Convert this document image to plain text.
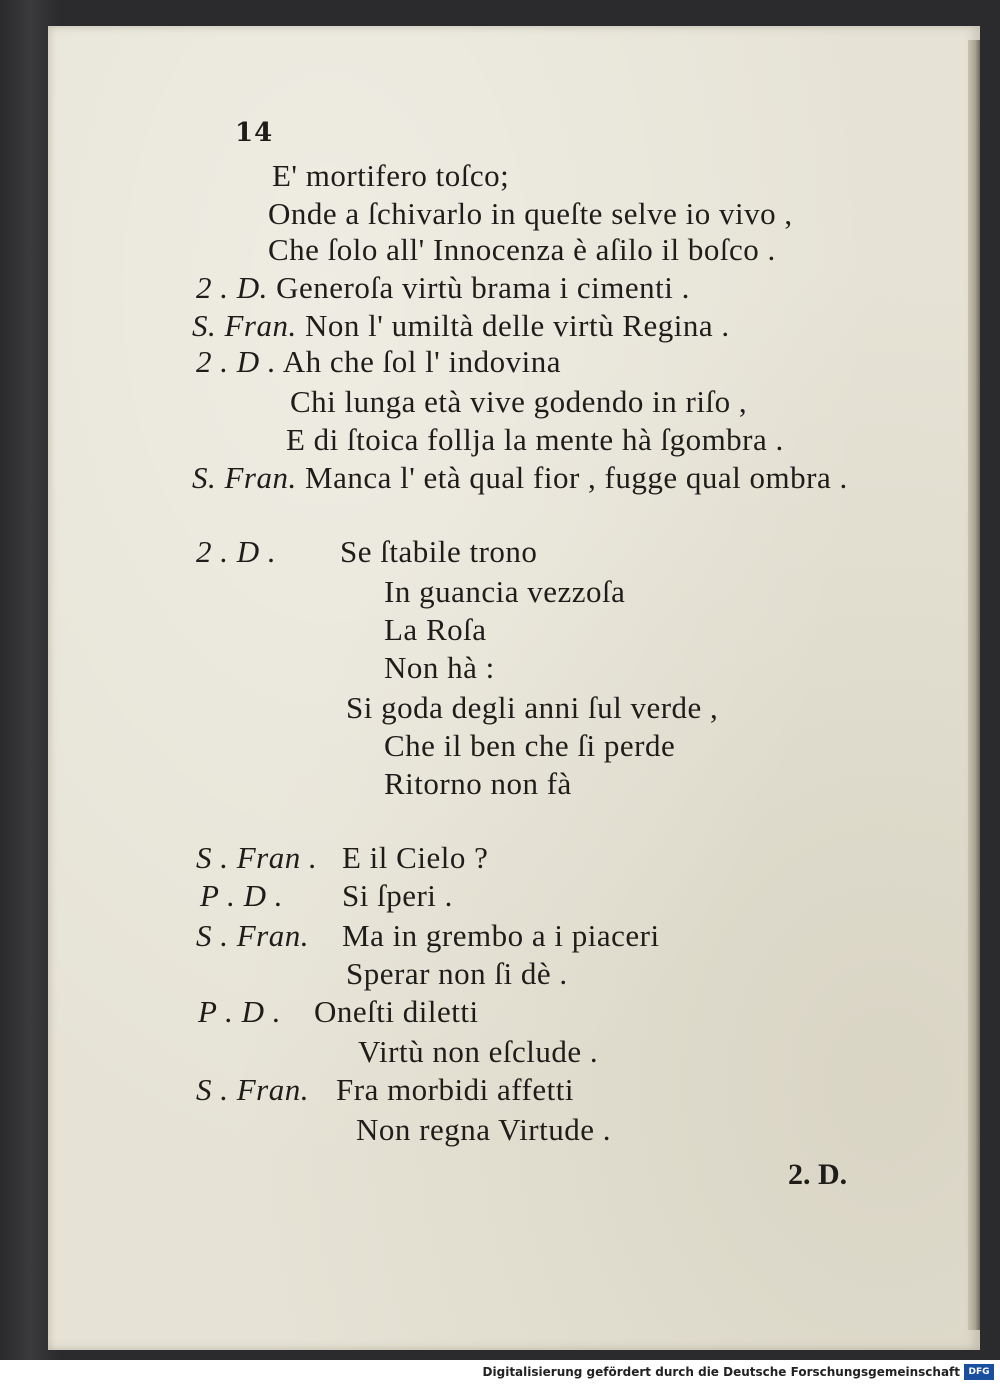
14
E' mortifero toſco;
Onde a ſchivarlo in queſte selve io vivo ,
Che ſolo all' Innocenza è aſilo il boſco .
2 . D. Generoſa virtù brama i cimenti .
S. Fran. Non l' umiltà delle virtù Regina .
2 . D . Ah che ſol l' indovina
Chi lunga età vive godendo in riſo ,
E di ſtoica follja la mente hà ſgombra .
S. Fran. Manca l' età qual fior , fugge qual ombra .
2 . D . Se ſtabile trono
In guancia vezzoſa
La Roſa
Non hà :
Si goda degli anni ſul verde ,
Che il ben che ſi perde
Ritorno non fà
S . Fran . E il Cielo ?
P . D . Si ſperi .
S . Fran. Ma in grembo a i piaceri
Sperar non ſi dè .
P . D . Oneſti diletti
Virtù non eſclude .
S . Fran. Fra morbidi affetti
Non regna Virtude .
2. D.
Digitalisierung gefördert durch die Deutsche Forschungsgemeinschaft DFG
